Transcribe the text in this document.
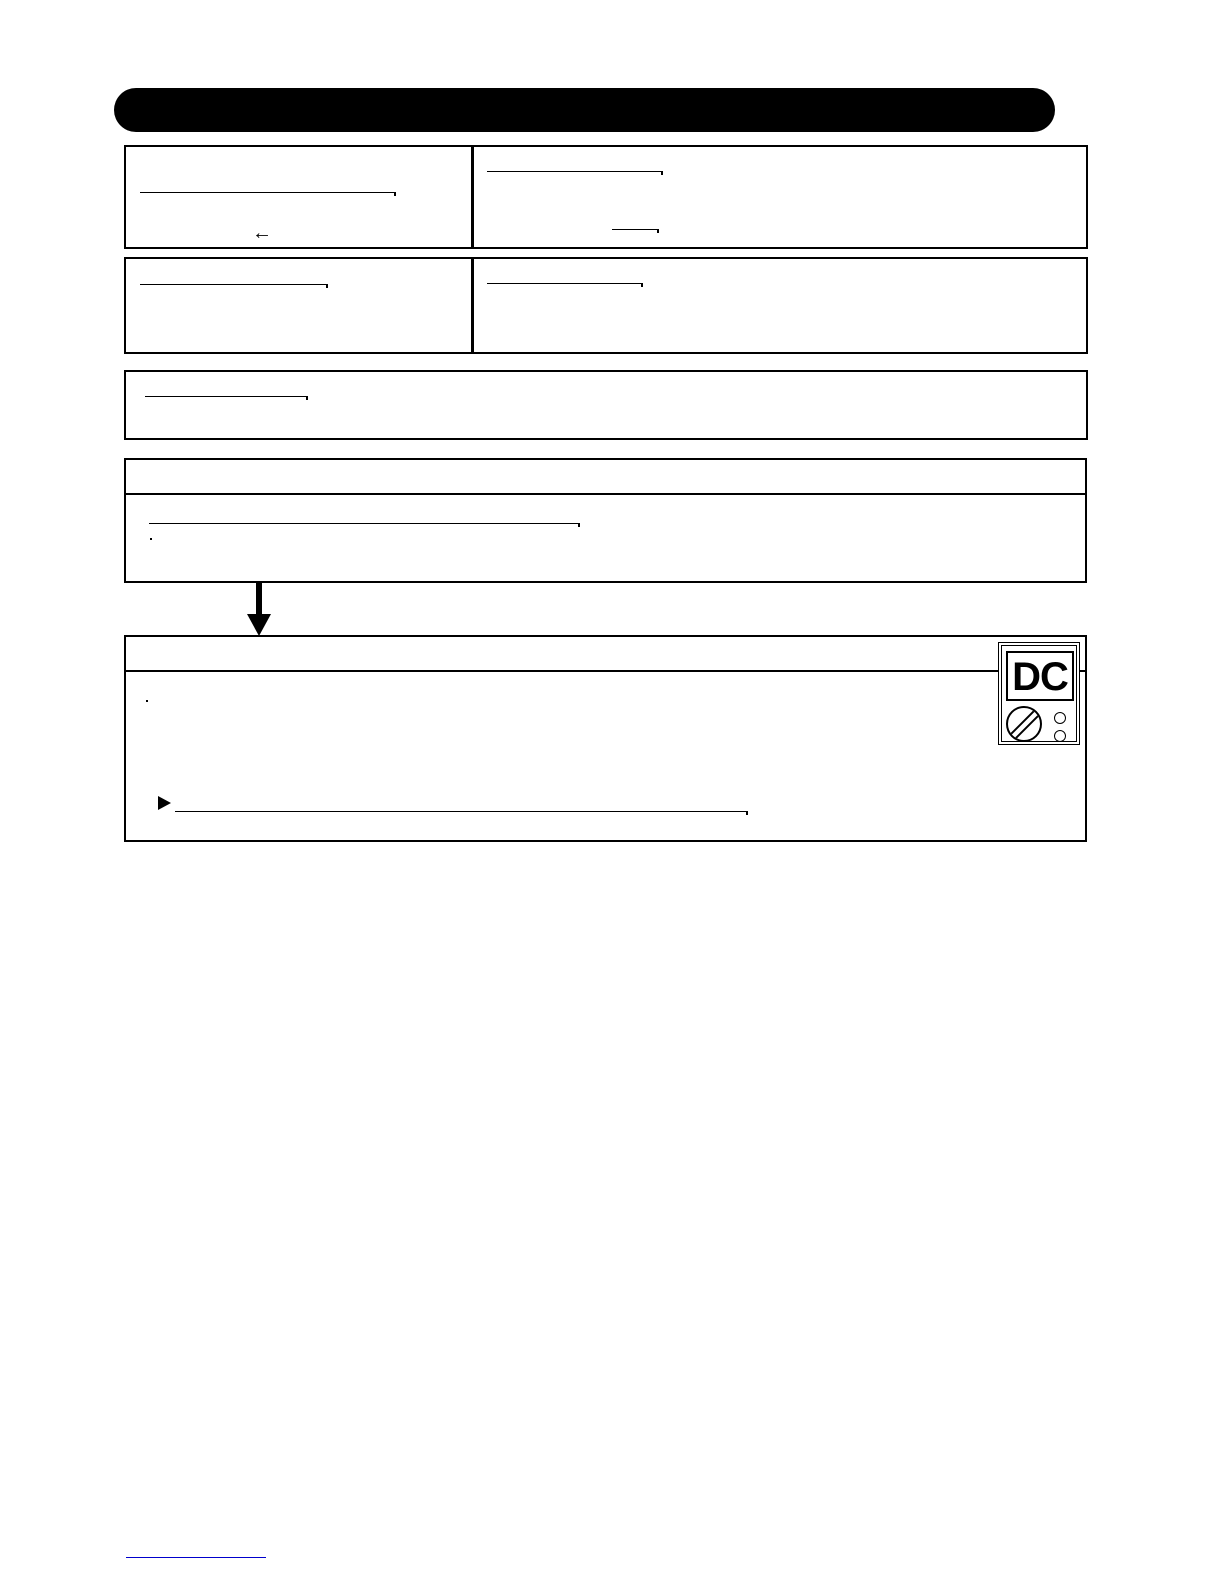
←
DC
